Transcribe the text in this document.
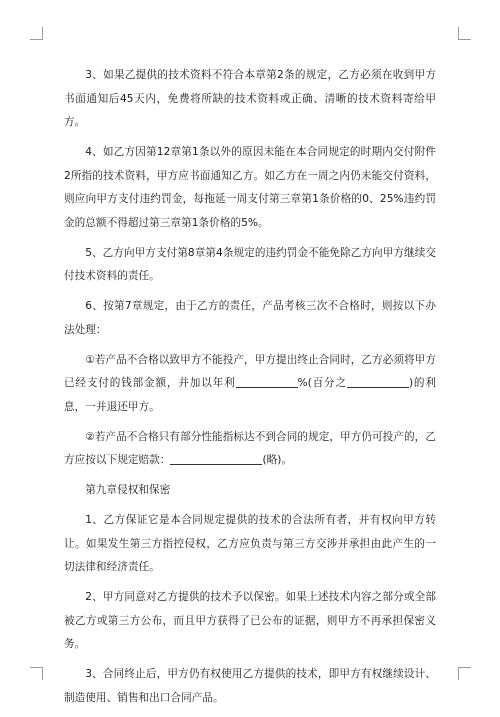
3、如果乙提供的技术资料不符合本章第2条的规定，乙方必须在收到甲方书面通知后45天内，免费将所缺的技术资料或正确、清晰的技术资料寄给甲方。

4、如乙方因第12章第1条以外的原因未能在本合同规定的时期内交付附件2所指的技术资料，甲方应书面通知乙方。如乙方在一周之内仍未能交付资料，则应向甲方支付违约罚金，每拖延一周支付第三章第1条价格的0、25%违约罚金的总额不得超过第三章第1条价格的5%。

5、乙方向甲方支付第8章第4条规定的违约罚金不能免除乙方向甲方继续交付技术资料的责任。

6、按第7章规定，由于乙方的责任，产品考核三次不合格时，则按以下办法处理：

①若产品不合格以致甲方不能投产，甲方提出终止合同时，乙方必须将甲方已经支付的钱部金额，并加以年利	%(百分之	)的利息，一并退还甲方。

②若产品不合格只有部分性能指标达不到合同的规定，甲方仍可投产的，乙方应按以下规定赔款：	(略)。

第九章侵权和保密

1、乙方保证它是本合同规定提供的技术的合法所有者，并有权向甲方转让。如果发生第三方指控侵权，乙方应负责与第三方交涉并承担由此产生的一切法律和经济责任。

2、甲方同意对乙方提供的技术予以保密。如果上述技术内容之部分或全部被乙方或第三方公布，而且甲方获得了已公布的证据，则甲方不再承担保密义务。

3、合同终止后，甲方仍有权使用乙方提供的技术，即甲方有权继续设计、制造使用、销售和出口合同产品。
